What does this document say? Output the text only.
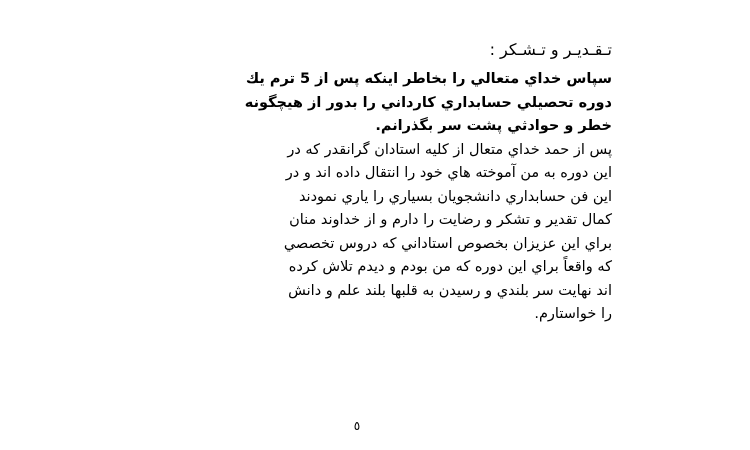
تـقـديـر و تـشـكر :

سپاس خداي متعالي را بخاطر اينكه پس از 5 ترم يك

دوره تحصيلي حسابداري كارداني را بدور از هيچگونه

خطر و حوادثي پشت سر بگذرانم.

پس از حمد خداي متعال از كليه استادان گرانقدر كه در

اين دوره به من آموخته هاي خود را انتقال داده اند و در

اين فن حسابداري دانشجويان بسياري را ياري نمودند

كمال تقدير و تشكر و رضايت را دارم و از خداوند منان

براي اين عزيزان بخصوص استاداني كه دروس تخصصي

كه واقعاً براي اين دوره كه من بودم و ديدم تلاش كرده

اند نهايت سر بلندي و رسيدن به قلبها بلند علم و دانش

را خواستارم.

٥
